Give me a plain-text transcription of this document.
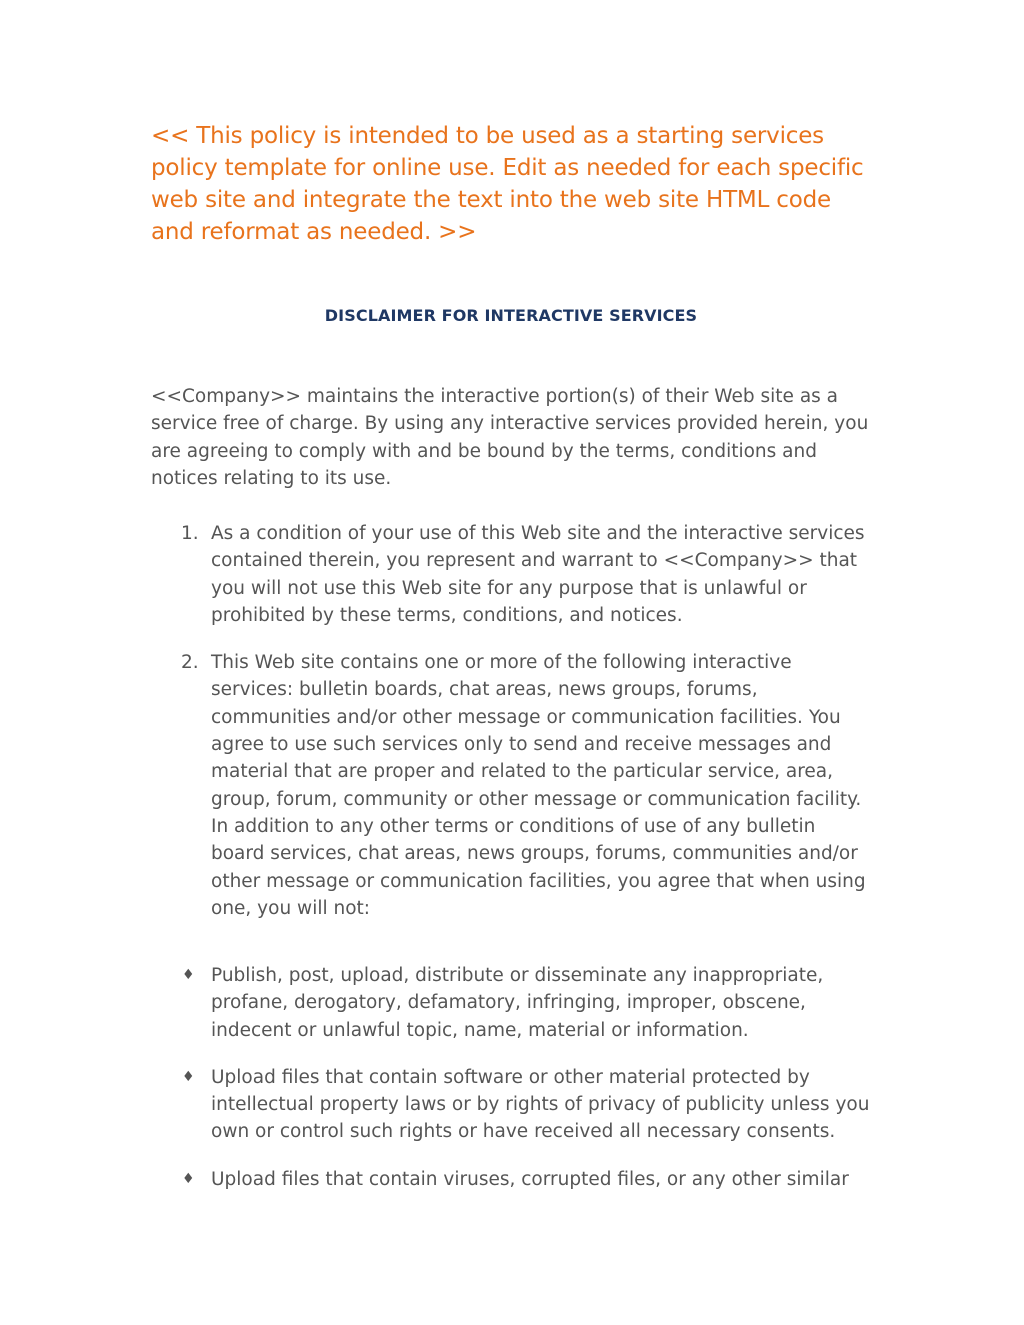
<< This policy is intended to be used as a starting services policy template for online use. Edit as needed for each specific web site and integrate the text into the web site HTML code and reformat as needed. >>

DISCLAIMER FOR INTERACTIVE SERVICES

<<Company>> maintains the interactive portion(s) of their Web site as a service free of charge. By using any interactive services provided herein, you are agreeing to comply with and be bound by the terms, conditions and notices relating to its use.

1. As a condition of your use of this Web site and the interactive services contained therein, you represent and warrant to <<Company>> that you will not use this Web site for any purpose that is unlawful or prohibited by these terms, conditions, and notices.
2. This Web site contains one or more of the following interactive services: bulletin boards, chat areas, news groups, forums, communities and/or other message or communication facilities. You agree to use such services only to send and receive messages and material that are proper and related to the particular service, area, group, forum, community or other message or communication facility. In addition to any other terms or conditions of use of any bulletin board services, chat areas, news groups, forums, communities and/or other message or communication facilities, you agree that when using one, you will not:
♦ Publish, post, upload, distribute or disseminate any inappropriate, profane, derogatory, defamatory, infringing, improper, obscene, indecent or unlawful topic, name, material or information.
♦ Upload files that contain software or other material protected by intellectual property laws or by rights of privacy of publicity unless you own or control such rights or have received all necessary consents.
♦ Upload files that contain viruses, corrupted files, or any other similar
